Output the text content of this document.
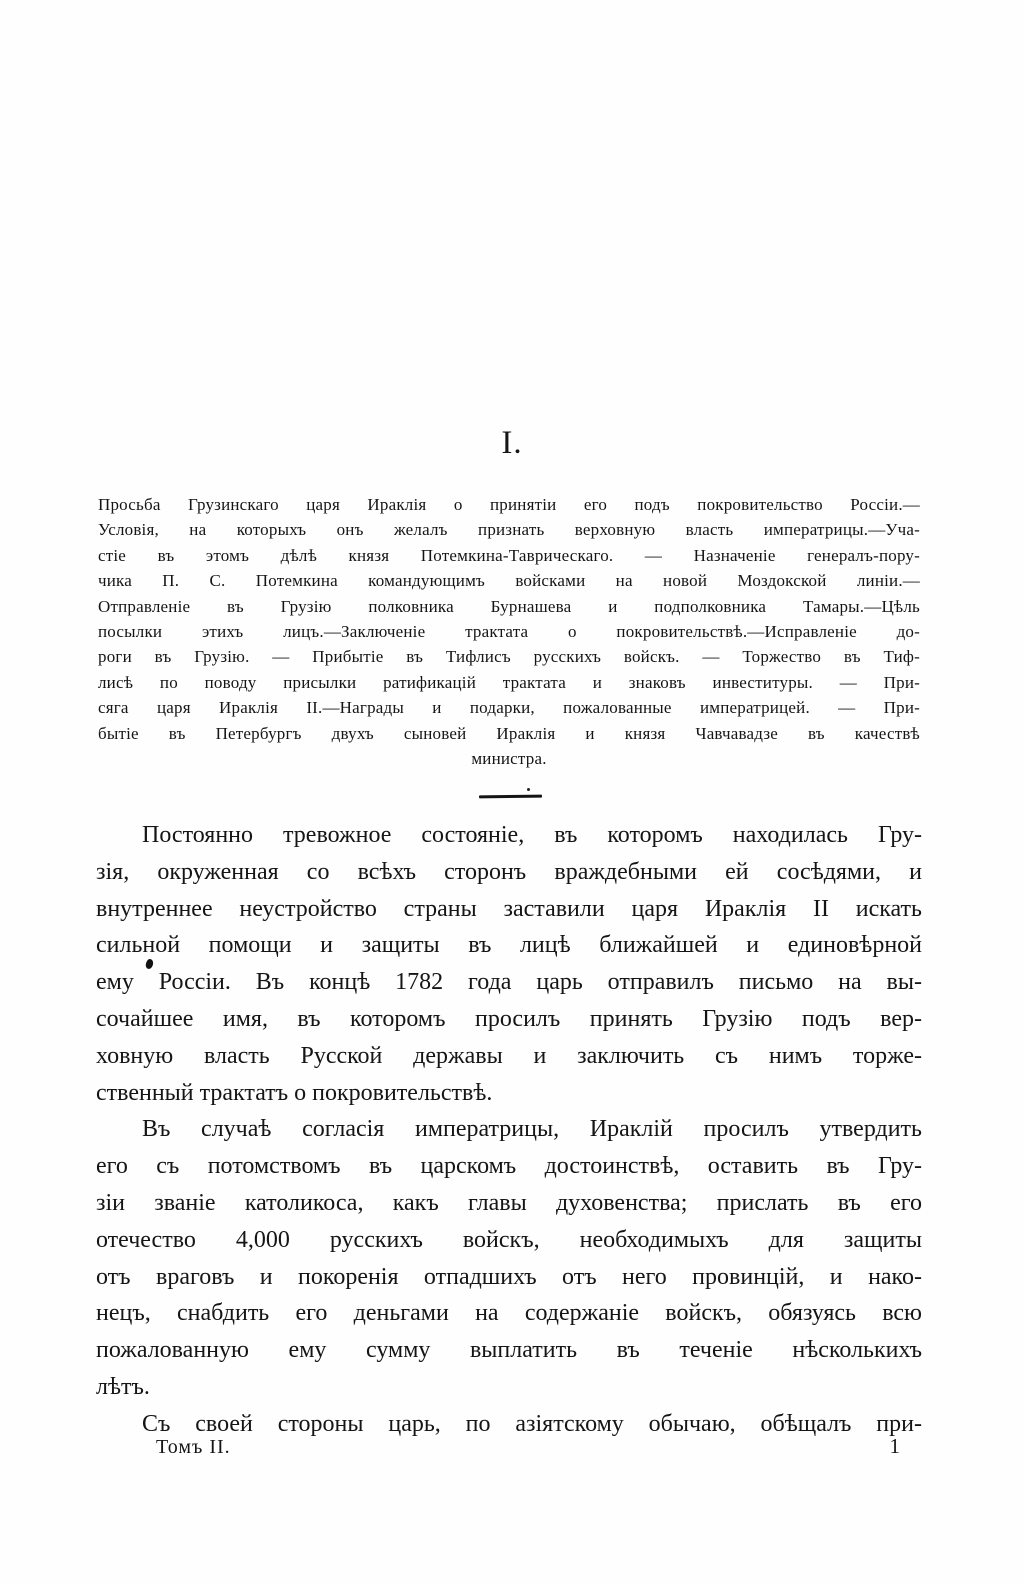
I.
Просьба Грузинскаго царя Ираклія о принятіи его подъ покровительство Россіи.—
Условія, на которыхъ онъ желалъ признать верховную власть императрицы.—Уча-
стіе въ этомъ дѣлѣ князя Потемкина-Таврическаго. — Назначеніе генералъ-пору-
чика П. С. Потемкина командующимъ войсками на новой Моздокской линіи.—
Отправленіе въ Грузію полковника Бурнашева и подполковника Тамары.—Цѣль
посылки этихъ лицъ.—Заключеніе трактата о покровительствѣ.—Исправленіе до-
роги въ Грузію. — Прибытіе въ Тифлисъ русскихъ войскъ. — Торжество въ Тиф-
лисѣ по поводу присылки ратификацій трактата и знаковъ инвеституры. — При-
сяга царя Ираклія II.—Награды и подарки, пожалованные императрицей. — При-
бытіе въ Петербургъ двухъ сыновей Ираклія и князя Чавчавадзе въ качествѣ
министра.
Постоянно тревожное состояніе, въ которомъ находилась Гру-
зія, окруженная со всѣхъ сторонъ враждебными ей сосѣдями, и
внутреннее неустройство страны заставили царя Ираклія II искать
сильной помощи и защиты въ лицѣ ближайшей и единовѣрной
ему Россіи. Въ концѣ 1782 года царь отправилъ письмо на вы-
сочайшее имя, въ которомъ просилъ принять Грузію подъ вер-
ховную власть Русской державы и заключить съ нимъ торже-
ственный трактатъ о покровительствѣ.
Въ случаѣ согласія императрицы, Ираклій просилъ утвердить
его съ потомствомъ въ царскомъ достоинствѣ, оставить въ Гру-
зіи званіе католикоса, какъ главы духовенства; прислать въ его
отечество 4,000 русскихъ войскъ, необходимыхъ для защиты
отъ враговъ и покоренія отпадшихъ отъ него провинцій, и нако-
нецъ, снабдить его деньгами на содержаніе войскъ, обязуясь всю
пожалованную ему сумму выплатить въ теченіе нѣсколькихъ
лѣтъ.
Съ своей стороны царь, по азіятскому обычаю, обѣщалъ при-
Томъ II.	1
